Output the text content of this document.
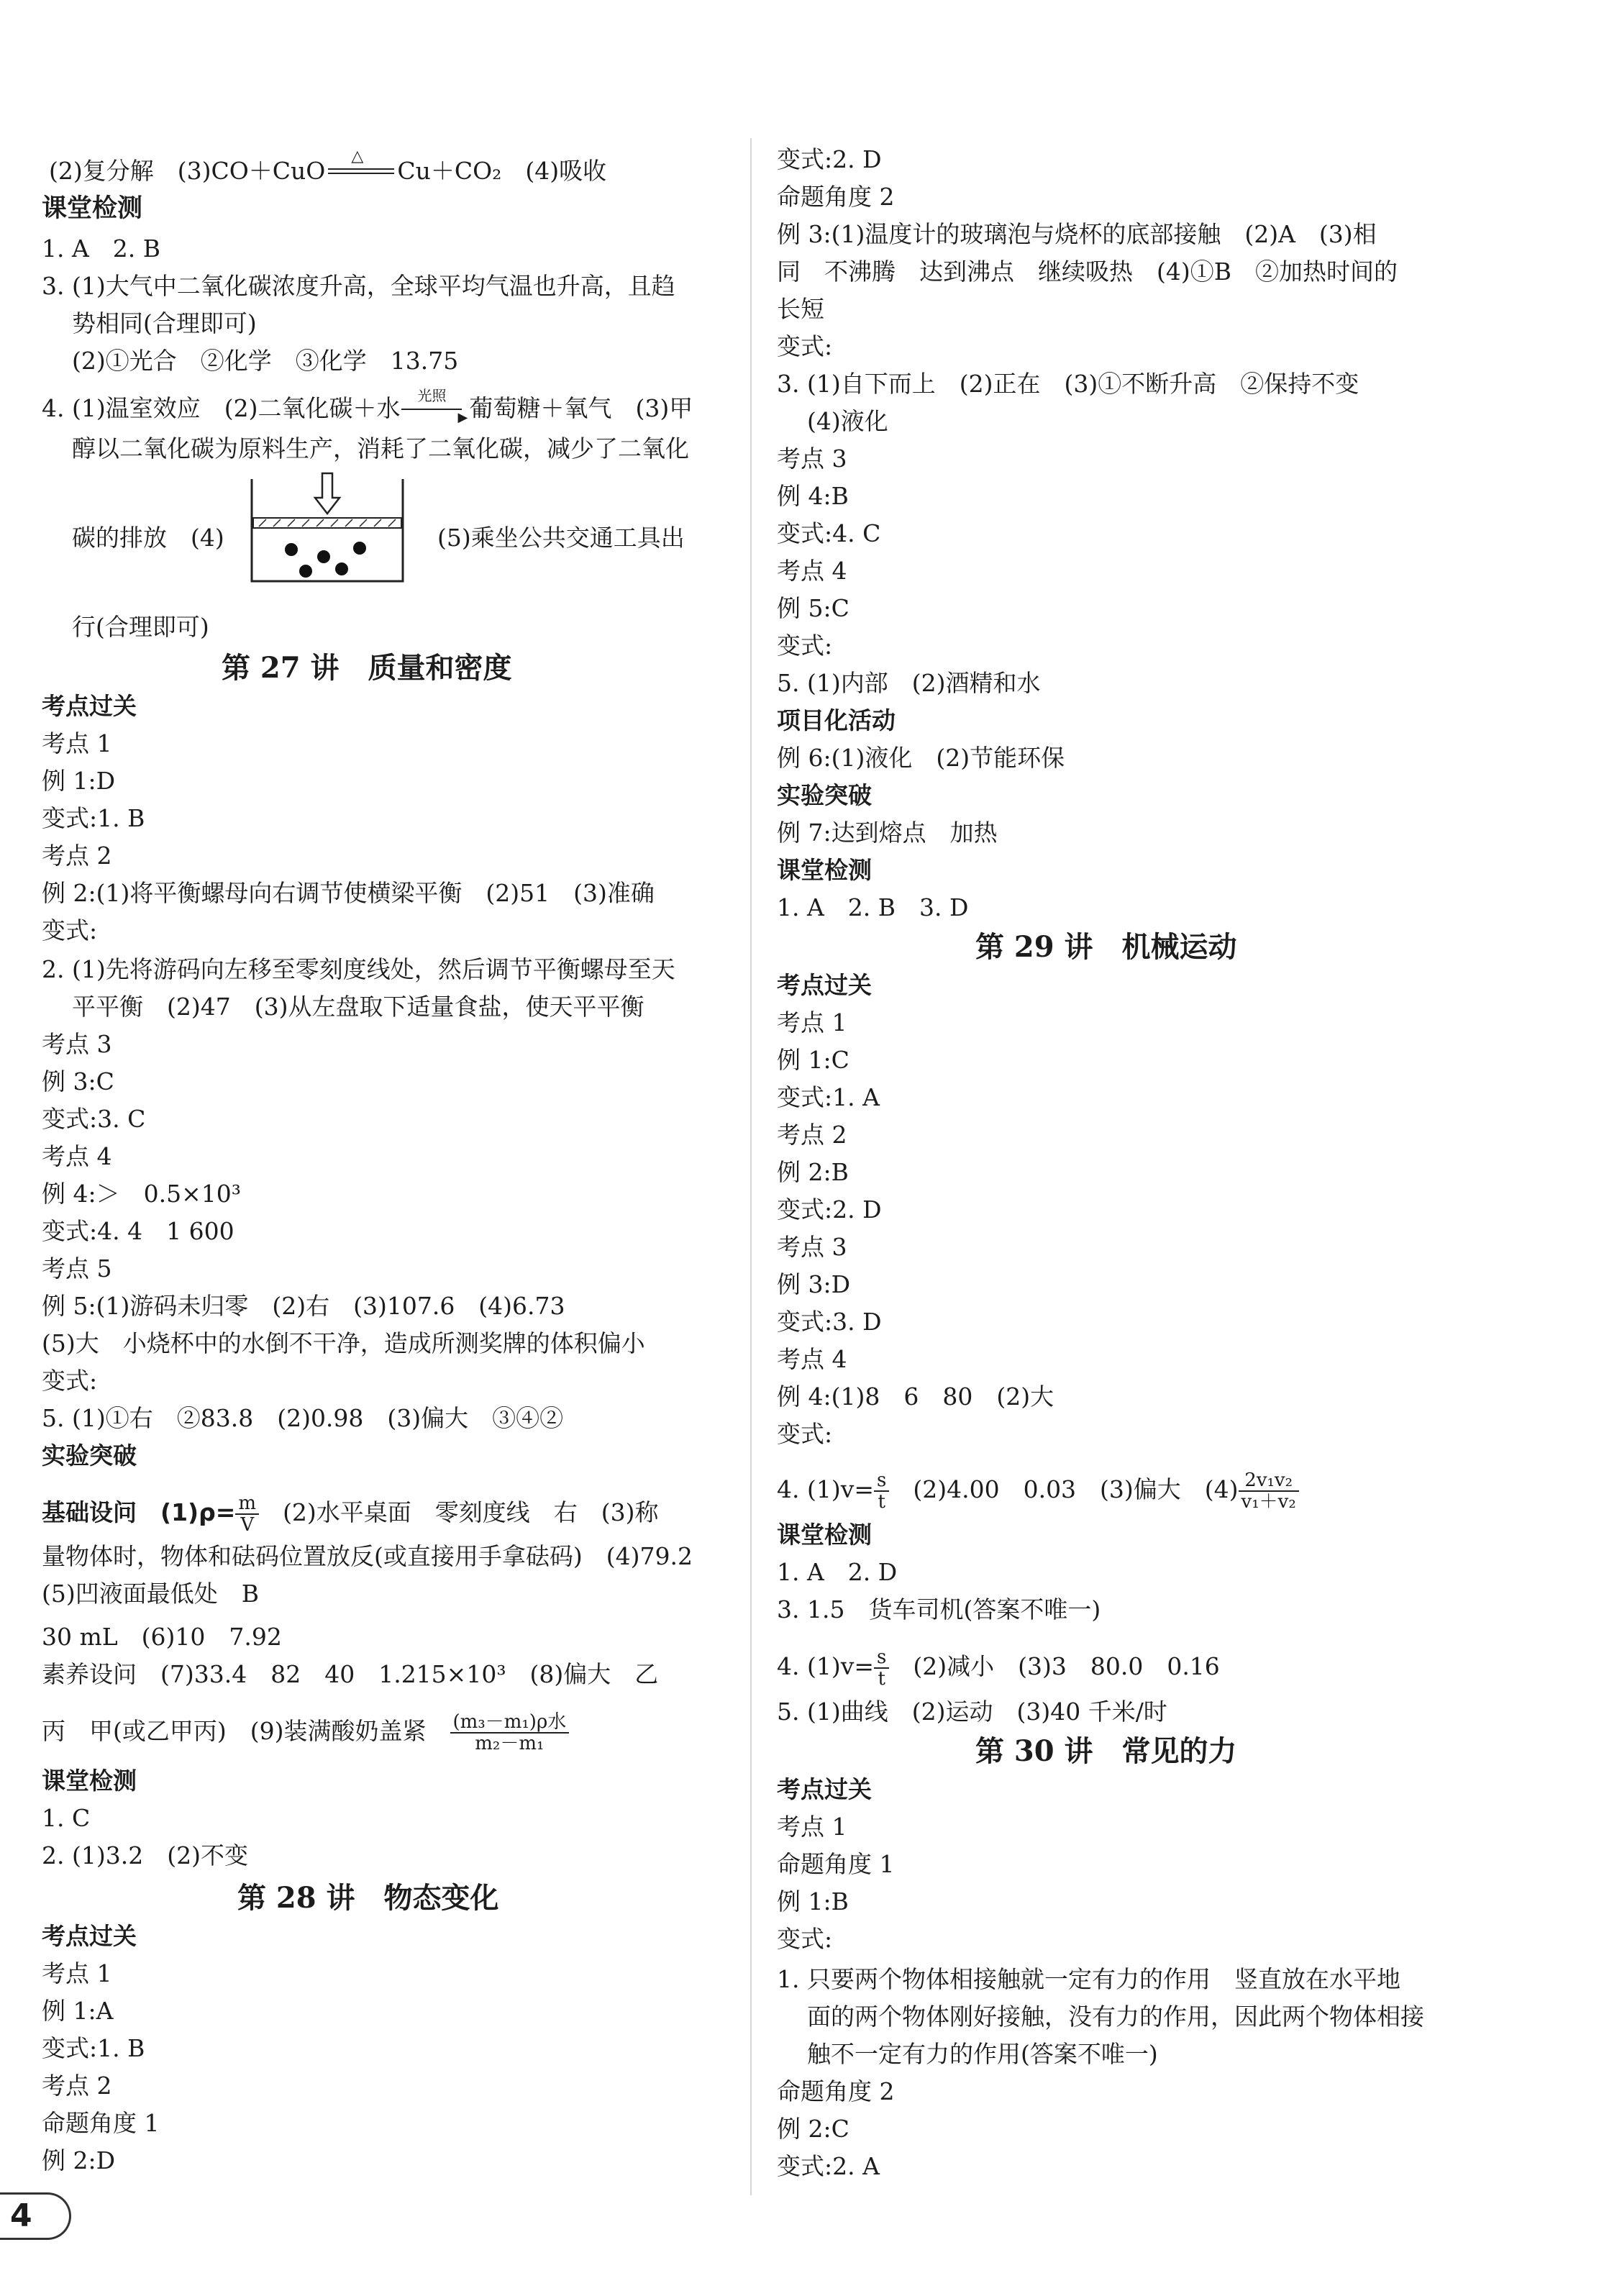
(2)复分解　(3)CO＋CuO
△
Cu＋CO₂　(4)吸收
课堂检测
1. A　2. B
3. (1)大气中二氧化碳浓度升高，全球平均气温也升高，且趋
势相同(合理即可)
(2)①光合　②化学　③化学　13.75
4. (1)温室效应　(2)二氧化碳＋水 光照
▶ 葡萄糖＋氧气　(3)甲
醇以二氧化碳为原料生产，消耗了二氧化碳，减少了二氧化
碳的排放　(4)	(5)乘坐公共交通工具出
行(合理即可)
第 27 讲　质量和密度
考点过关
考点 1
例 1:D
变式:1. B
考点 2
例 2:(1)将平衡螺母向右调节使横梁平衡　(2)51　(3)准确
变式:
2. (1)先将游码向左移至零刻度线处，然后调节平衡螺母至天
平平衡　(2)47　(3)从左盘取下适量食盐，使天平平衡
考点 3
例 3:C
变式:3. C
考点 4
例 4:＞　0.5×10³
变式:4. 4　1 600
考点 5
例 5:(1)游码未归零　(2)右　(3)107.6　(4)6.73
(5)大　小烧杯中的水倒不干净，造成所测奖牌的体积偏小
变式:
5. (1)①右　②83.8　(2)0.98　(3)偏大　③④②
实验突破
基础设问　$(1)\rho= \frac{m}{V}$
　 (2)水平桌面　零刻度线　右　(3)称
量物体时，物体和砝码位置放反(或直接用手拿砝码)　(4)79.2
(5)凹液面最低处　B
30 mL　(6)10　7.92
素养设问　(7)33.4　82　40　1.215×10³　(8)偏大　乙
丙　甲(或乙甲丙)　(9)装满酸奶盖紧　 $\frac{\text{(m₃－m₁)ρ水}}{\text{m₂－m₁}}$
课堂检测
1. C
2. (1)3.2　(2)不变
第 28 讲　物态变化
考点过关
考点 1
例 1:A
变式:1. B
考点 2
命题角度 1
例 2:D
变式:2. D
命题角度 2
例 3:(1)温度计的玻璃泡与烧杯的底部接触　(2)A　(3)相
同　不沸腾　达到沸点　继续吸热　(4)①B　②加热时间的
长短
变式:
3. (1)自下而上　(2)正在　(3)①不断升高　②保持不变
(4)液化
考点 3
例 4:B
变式:4. C
考点 4
例 5:C
变式:
5. (1)内部　(2)酒精和水
项目化活动
例 6:(1)液化　(2)节能环保
实验突破
例 7:达到熔点　加热
课堂检测
1. A　2. B　3. D
第 29 讲　机械运动
考点过关
考点 1
例 1:C
变式:1. A
考点 2
例 2:B
变式:2. D
考点 3
例 3:D
变式:3. D
考点 4
例 4:(1)8　6　80　(2)大
变式:
4. $(1)v= \frac{s}{t}$
　 (2)4.00　0.03　(3)偏大　$(4) \frac{\text{2v₁v₂}}{\text{v₁＋v₂}}$
课堂检测
1. A　2. D
3. 1.5　货车司机(答案不唯一)
4. $(1)v= \frac{s}{t}$
　 (2)减小　(3)3　80.0　0.16
5. (1)曲线　(2)运动　(3)40 千米/时
第 30 讲　常见的力
考点过关
考点 1
命题角度 1
例 1:B
变式:
1. 只要两个物体相接触就一定有力的作用　竖直放在水平地
面的两个物体刚好接触，没有力的作用，因此两个物体相接
触不一定有力的作用(答案不唯一)
命题角度 2
例 2:C
变式:2. A
4
